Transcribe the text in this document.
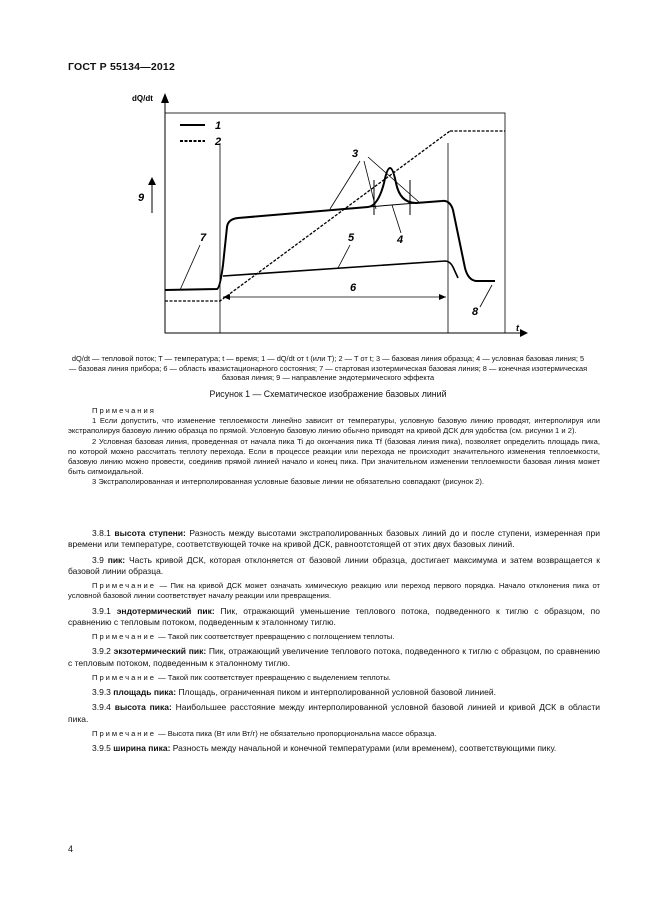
ГОСТ Р 55134—2012
dQ/dt
t
1
2
9
3
4
5
6
7
8
dQ/dt — тепловой поток; T — температура; t — время; 1 — dQ/dt от t (или T); 2 — T от t; 3 — базовая линия образца; 4 — условная базовая линия; 5 — базовая линия прибора; 6 — область квазистационарного состояния; 7 — стартовая изотермическая базовая линия; 8 — конечная изотермическая базовая линия; 9 — направление эндотермического эффекта
Рисунок 1 — Схематическое изображение базовых линий

Примечания

1 Если допустить, что изменение теплоемкости линейно зависит от температуры, условную базовую линию проводят, интерполируя или экстраполируя базовую линию образца по прямой. Условную базовую линию обычно приводят на кривой ДСК для удобства (см. рисунки 1 и 2).

2 Условная базовая линия, проведенная от начала пика Ti до окончания пика Tf (базовая линия пика), позволяет определить площадь пика, по которой можно рассчитать теплоту перехода. Если в процессе реакции или перехода не происходит значительного изменения теплоемкости, базовую линию можно провести, соединив прямой линией начало и конец пика. При значительном изменении теплоемкости базовая линия может быть сигмоидальной.

3 Экстраполированная и интерполированная условные базовые линии не обязательно совпадают (рисунок 2).

3.8.1 высота ступени: Разность между высотами экстраполированных базовых линий до и после ступени, измеренная при времени или температуре, соответствующей точке на кривой ДСК, равноотстоящей от этих двух базовых линий.

3.9 пик: Часть кривой ДСК, которая отклоняется от базовой линии образца, достигает максимума и затем возвращается к базовой линии образца.

Примечание — Пик на кривой ДСК может означать химическую реакцию или переход первого порядка. Начало отклонения пика от условной базовой линии соответствует началу реакции или превращения.

3.9.1 эндотермический пик: Пик, отражающий уменьшение теплового потока, подведенного к тиглю с образцом, по сравнению с тепловым потоком, подведенным к эталонному тиглю.

Примечание — Такой пик соответствует превращению с поглощением теплоты.

3.9.2 экзотермический пик: Пик, отражающий увеличение теплового потока, подведенного к тиглю с образцом, по сравнению с тепловым потоком, подведенным к эталонному тиглю.

Примечание — Такой пик соответствует превращению с выделением теплоты.

3.9.3 площадь пика: Площадь, ограниченная пиком и интерполированной условной базовой линией.

3.9.4 высота пика: Наибольшее расстояние между интерполированной условной базовой линией и кривой ДСК в области пика.

Примечание — Высота пика (Вт или Вт/г) не обязательно пропорциональна массе образца.

3.9.5 ширина пика: Разность между начальной и конечной температурами (или временем), соответствующими пику.

4
